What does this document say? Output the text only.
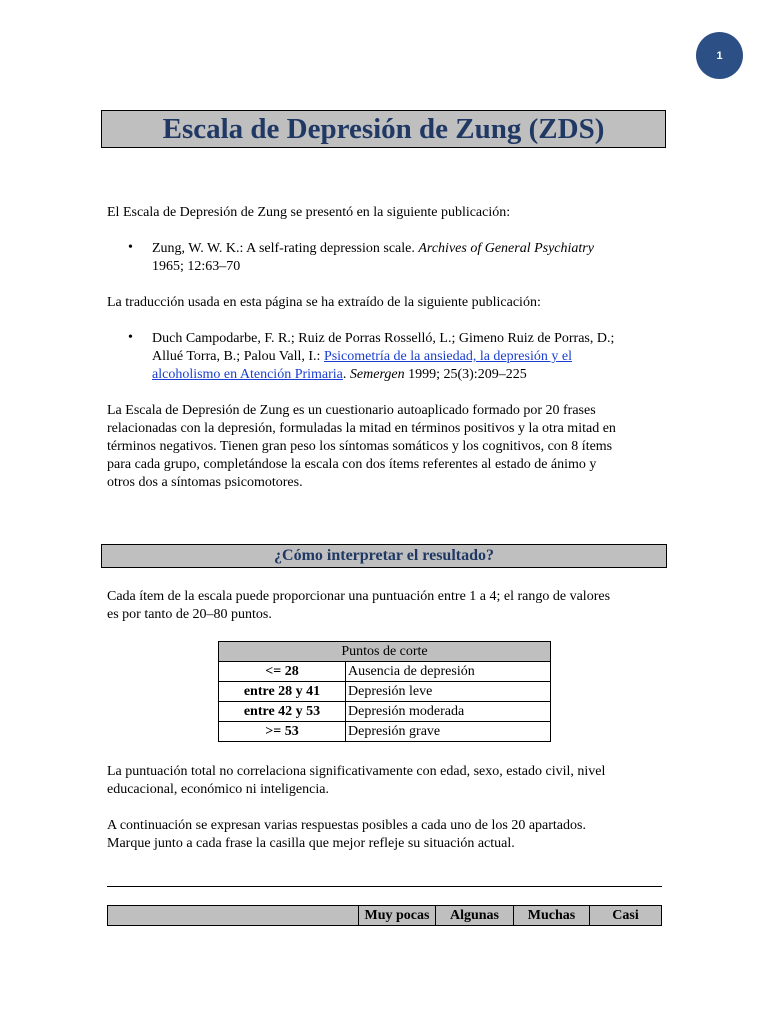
1
Escala de Depresión de Zung (ZDS)
El Escala de Depresión de Zung se presentó en la siguiente publicación:
• Zung, W. W. K.: A self-rating depression scale. Archives of General Psychiatry
1965; 12:63–70
La traducción usada en esta página se ha extraído de la siguiente publicación:
• Duch Campodarbe, F. R.; Ruiz de Porras Rosselló, L.; Gimeno Ruiz de Porras, D.;
Allué Torra, B.; Palou Vall, I.: Psicometría de la ansiedad, la depresión y el
alcoholismo en Atención Primaria. Semergen 1999; 25(3):209–225
La Escala de Depresión de Zung es un cuestionario autoaplicado formado por 20 frases
relacionadas con la depresión, formuladas la mitad en términos positivos y la otra mitad en
términos negativos. Tienen gran peso los síntomas somáticos y los cognitivos, con 8 ítems
para cada grupo, completándose la escala con dos ítems referentes al estado de ánimo y
otros dos a síntomas psicomotores.
¿Cómo interpretar el resultado?
Cada ítem de la escala puede proporcionar una puntuación entre 1 a 4; el rango de valores
es por tanto de 20–80 puntos.
Puntos de corte	
<= 28	Ausencia de depresión
entre 28 y 41	Depresión leve
entre 42 y 53	Depresión moderada
>= 53	Depresión grave
La puntuación total no correlaciona significativamente con edad, sexo, estado civil, nivel
educacional, económico ni inteligencia.
A continuación se expresan varias respuestas posibles a cada uno de los 20 apartados.
Marque junto a cada frase la casilla que mejor refleje su situación actual.
	Muy pocas	Algunas	Muchas	Casi
